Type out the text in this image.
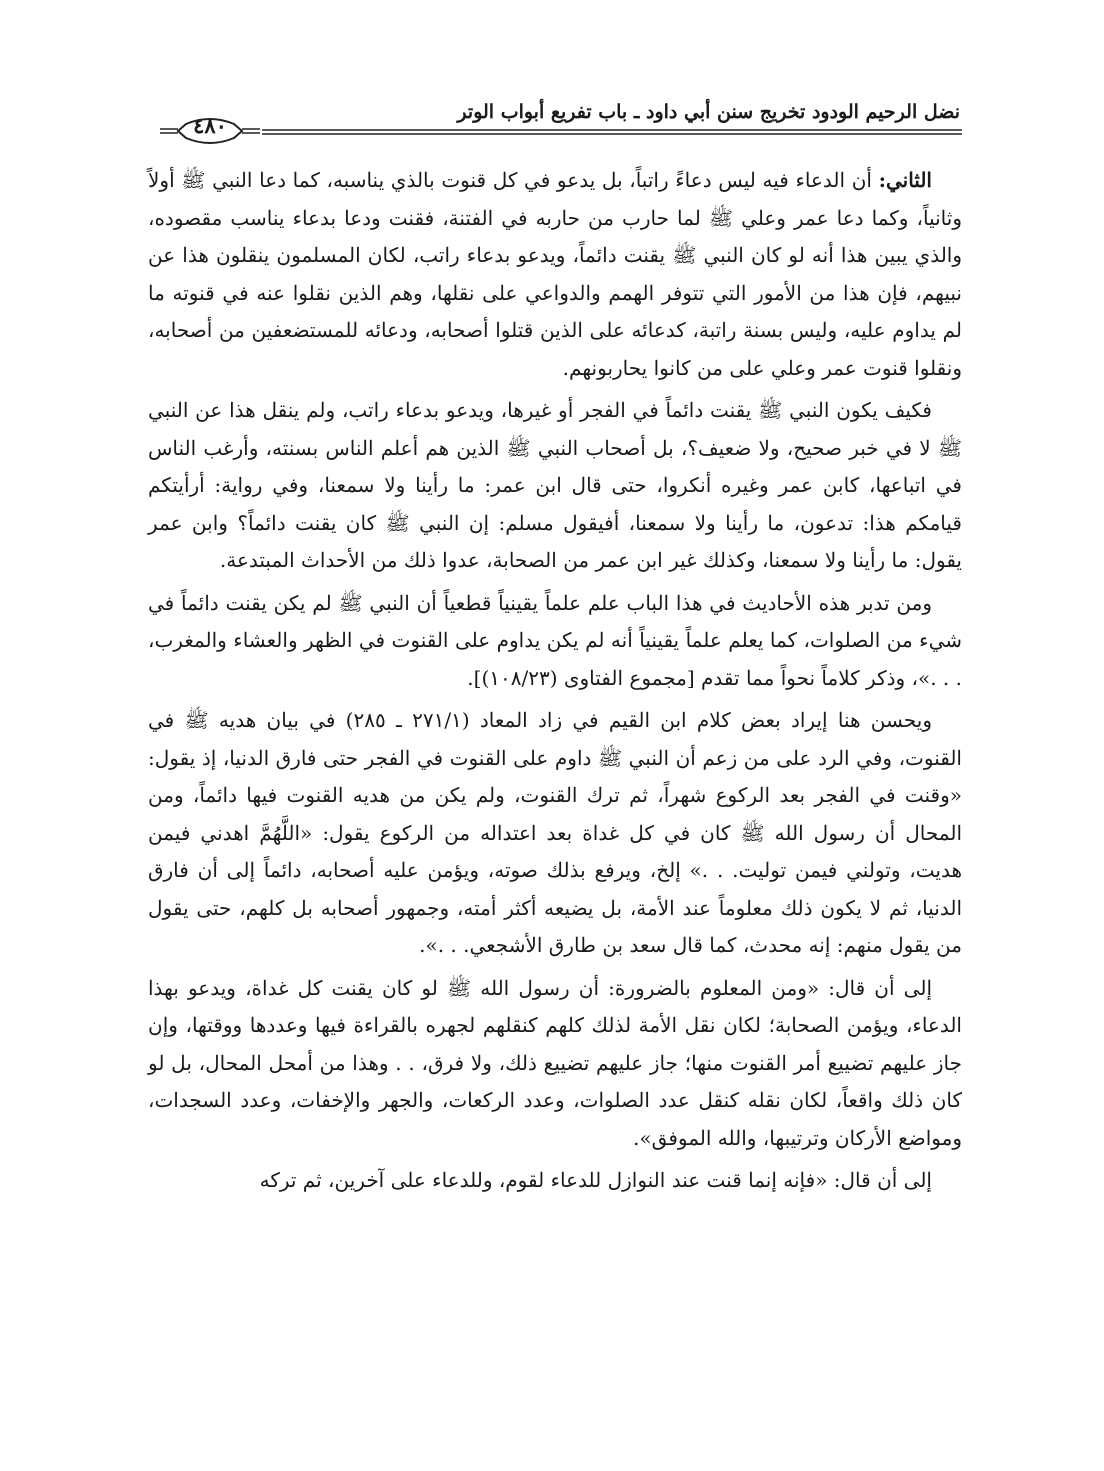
نضل الرحيم الودود تخريج سنن أبي داود ـ باب تفريع أبواب الوتر
٤٨٠

الثاني: أن الدعاء فيه ليس دعاءً راتباً، بل يدعو في كل قنوت بالذي يناسبه، كما دعا النبي ﷺ أولاً وثانياً، وكما دعا عمر وعلي ﷺ لما حارب من حاربه في الفتنة، فقنت ودعا بدعاء يناسب مقصوده، والذي يبين هذا أنه لو كان النبي ﷺ يقنت دائماً، ويدعو بدعاء راتب، لكان المسلمون ينقلون هذا عن نبيهم، فإن هذا من الأمور التي تتوفر الهمم والدواعي على نقلها، وهم الذين نقلوا عنه في قنوته ما لم يداوم عليه، وليس بسنة راتبة، كدعائه على الذين قتلوا أصحابه، ودعائه للمستضعفين من أصحابه، ونقلوا قنوت عمر وعلي على من كانوا يحاربونهم.

فكيف يكون النبي ﷺ يقنت دائماً في الفجر أو غيرها، ويدعو بدعاء راتب، ولم ينقل هذا عن النبي ﷺ لا في خبر صحيح، ولا ضعيف؟، بل أصحاب النبي ﷺ الذين هم أعلم الناس بسنته، وأرغب الناس في اتباعها، كابن عمر وغيره أنكروا، حتى قال ابن عمر: ما رأينا ولا سمعنا، وفي رواية: أرأيتكم قيامكم هذا: تدعون، ما رأينا ولا سمعنا، أفيقول مسلم: إن النبي ﷺ كان يقنت دائماً؟ وابن عمر يقول: ما رأينا ولا سمعنا، وكذلك غير ابن عمر من الصحابة، عدوا ذلك من الأحداث المبتدعة.

ومن تدبر هذه الأحاديث في هذا الباب علم علماً يقينياً قطعياً أن النبي ﷺ لم يكن يقنت دائماً في شيء من الصلوات، كما يعلم علماً يقينياً أنه لم يكن يداوم على القنوت في الظهر والعشاء والمغرب، . . .»، وذكر كلاماً نحواً مما تقدم [مجموع الفتاوى (١٠٨/٢٣)].

ويحسن هنا إيراد بعض كلام ابن القيم في زاد المعاد (٢٧١/١ ـ ٢٨٥) في بيان هديه ﷺ في القنوت، وفي الرد على من زعم أن النبي ﷺ داوم على القنوت في الفجر حتى فارق الدنيا، إذ يقول: «وقنت في الفجر بعد الركوع شهراً، ثم ترك القنوت، ولم يكن من هديه القنوت فيها دائماً، ومن المحال أن رسول الله ﷺ كان في كل غداة بعد اعتداله من الركوع يقول: «اللَّهُمَّ اهدني فيمن هديت، وتولني فيمن توليت. . .» إلخ، ويرفع بذلك صوته، ويؤمن عليه أصحابه، دائماً إلى أن فارق الدنيا، ثم لا يكون ذلك معلوماً عند الأمة، بل يضيعه أكثر أمته، وجمهور أصحابه بل كلهم، حتى يقول من يقول منهم: إنه محدث، كما قال سعد بن طارق الأشجعي. . .».

إلى أن قال: «ومن المعلوم بالضرورة: أن رسول الله ﷺ لو كان يقنت كل غداة، ويدعو بهذا الدعاء، ويؤمن الصحابة؛ لكان نقل الأمة لذلك كلهم كنقلهم لجهره بالقراءة فيها وعددها ووقتها، وإن جاز عليهم تضييع أمر القنوت منها؛ جاز عليهم تضييع ذلك، ولا فرق، . . وهذا من أمحل المحال، بل لو كان ذلك واقعاً، لكان نقله كنقل عدد الصلوات، وعدد الركعات، والجهر والإخفات، وعدد السجدات، ومواضع الأركان وترتيبها، والله الموفق».

إلى أن قال: «فإنه إنما قنت عند النوازل للدعاء لقوم، وللدعاء على آخرين، ثم تركه
